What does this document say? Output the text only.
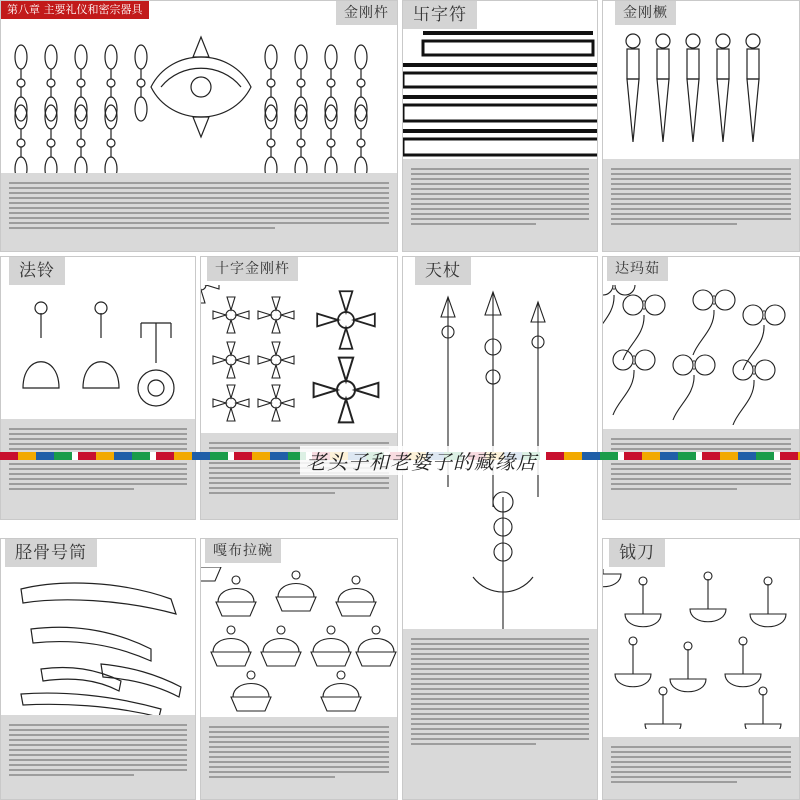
第八章 主要礼仪和密宗器具	金刚杵	卐字符	金刚橛
法铃	十字金刚杵	天杖	达玛茹
胫骨号筒	嘎布拉碗	钺刀
老头子和老婆子的藏缘店
